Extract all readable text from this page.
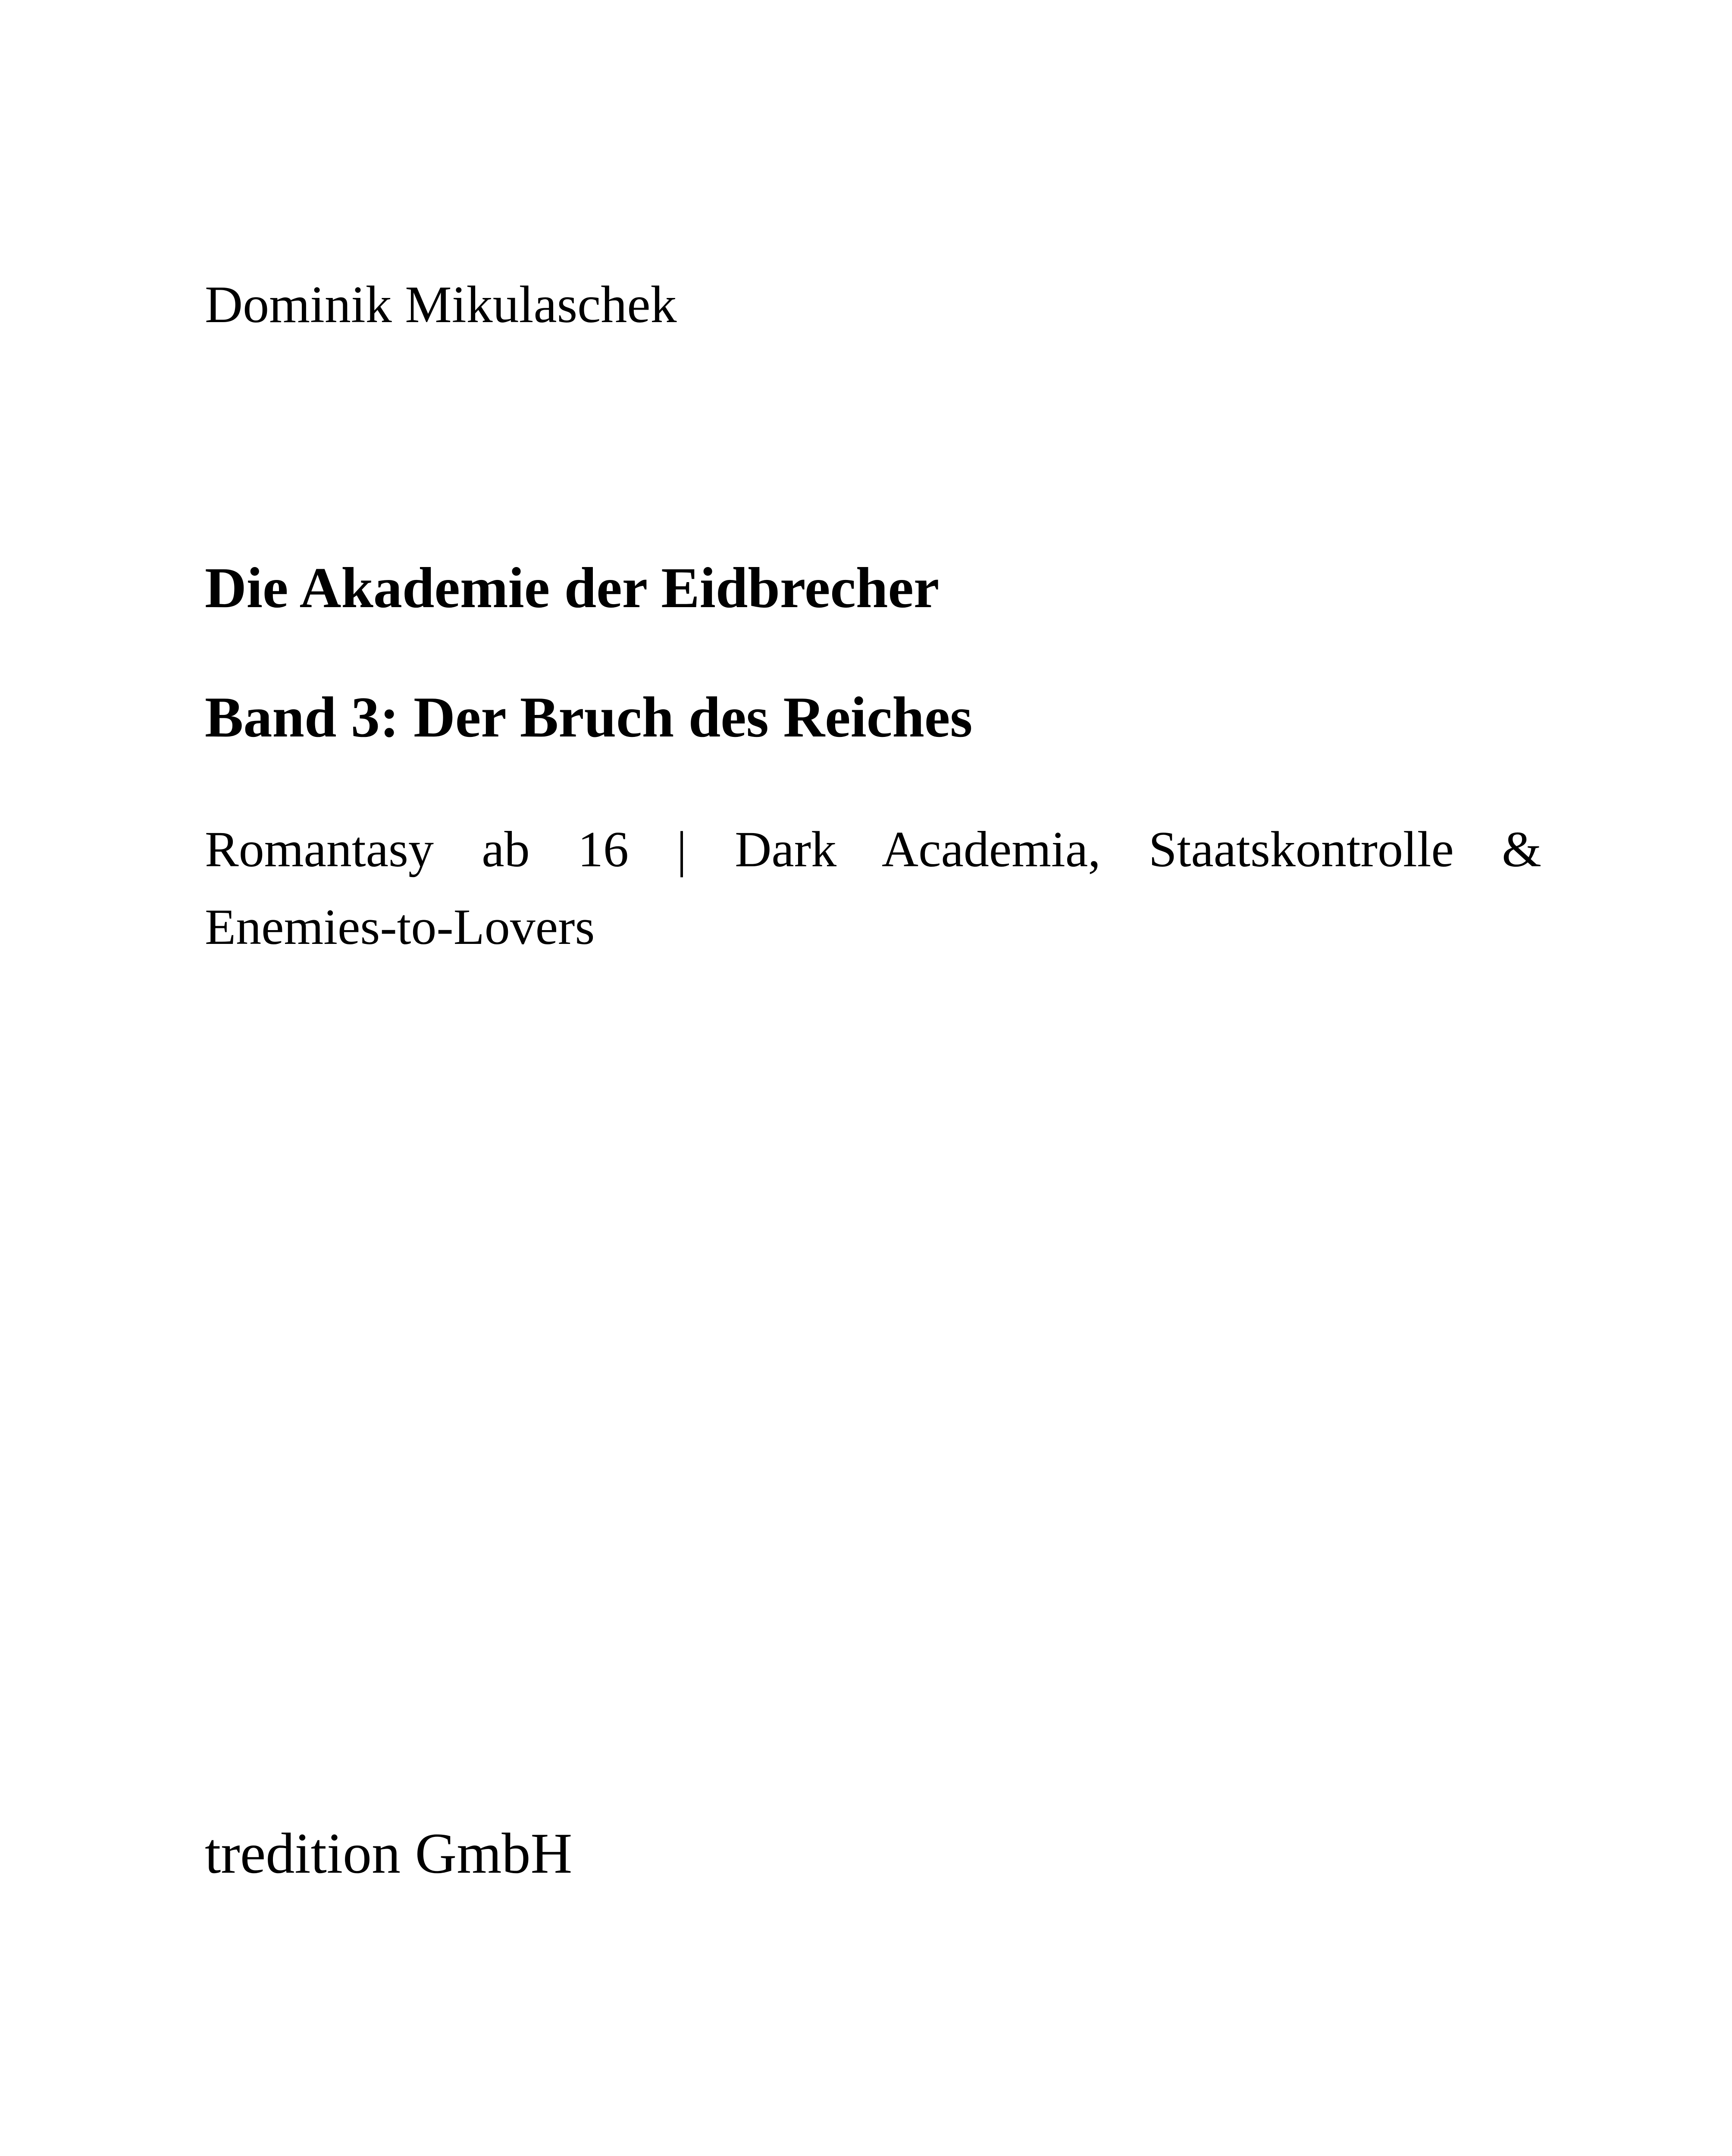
Dominik Mikulaschek

Die Akademie der Eidbrecher
Band 3: Der Bruch des Reiches
Romantasy ab 16 | Dark Academia, Staatskontrolle &
Enemies-to-Lovers

tredition GmbH
